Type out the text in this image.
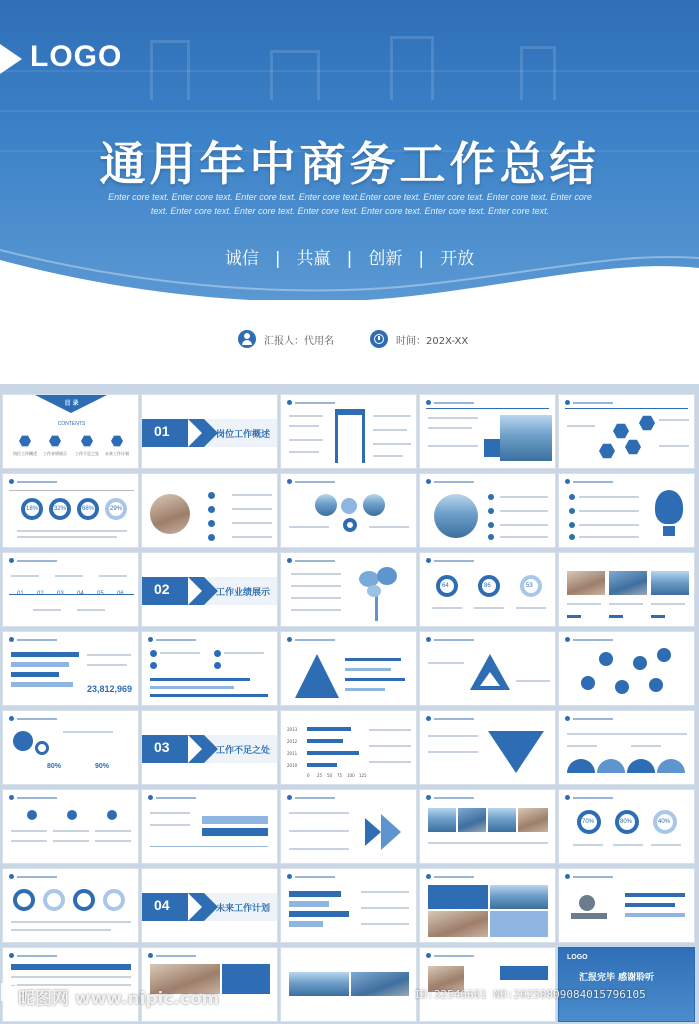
LOGO
通用年中商务工作总结
Enter core text. Enter core text. Enter core text. Enter core text.Enter core text. Enter core text. Enter core text. Enter core text. Enter core text. Enter core text. Enter core text. Enter core text. Enter core text. Enter core text.
诚信 | 共赢 | 创新 | 开放
汇报人：代用名	时间：202X-XX
目 录
CONTENTS
岗位工作概述 工作业绩展示 工作不足之处 未来工作计划
01	岗位工作概述
18%	32%	68%	29%
01 02 03 04 05 06 02	工作业绩展示
64	86	53
23,812,969
80%	90%
03	工作不足之处
2013
2012
2011
2010
0 25 50 75 100 125
70%	80%	40%
04	未来工作计划
LOGO
汇报完毕 感谢聆听
昵图网 www.nipic.com	ID:32546661 NO:20250809084015796105
